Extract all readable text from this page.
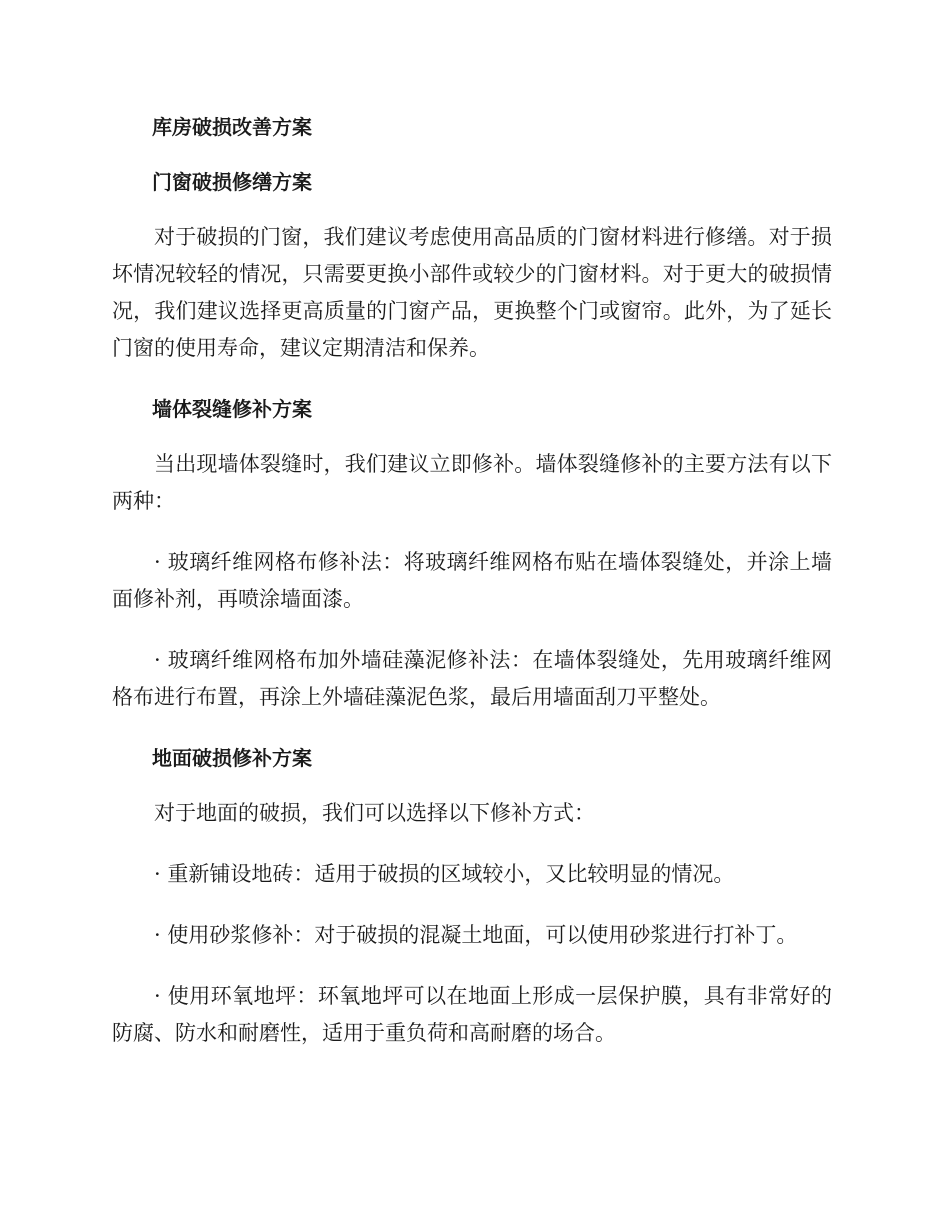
库房破损改善方案
门窗破损修缮方案
对于破损的门窗，我们建议考虑使用高品质的门窗材料进行修缮。对于损坏情况较轻的情况，只需要更换小部件或较少的门窗材料。对于更大的破损情况，我们建议选择更高质量的门窗产品，更换整个门或窗帘。此外，为了延长门窗的使用寿命，建议定期清洁和保养。
墙体裂缝修补方案
当出现墙体裂缝时，我们建议立即修补。墙体裂缝修补的主要方法有以下两种：
· 玻璃纤维网格布修补法：将玻璃纤维网格布贴在墙体裂缝处，并涂上墙面修补剂，再喷涂墙面漆。
· 玻璃纤维网格布加外墙硅藻泥修补法：在墙体裂缝处，先用玻璃纤维网格布进行布置，再涂上外墙硅藻泥色浆，最后用墙面刮刀平整处。
地面破损修补方案
对于地面的破损，我们可以选择以下修补方式：
· 重新铺设地砖：适用于破损的区域较小，又比较明显的情况。
· 使用砂浆修补：对于破损的混凝土地面，可以使用砂浆进行打补丁。
· 使用环氧地坪：环氧地坪可以在地面上形成一层保护膜，具有非常好的防腐、防水和耐磨性，适用于重负荷和高耐磨的场合。
